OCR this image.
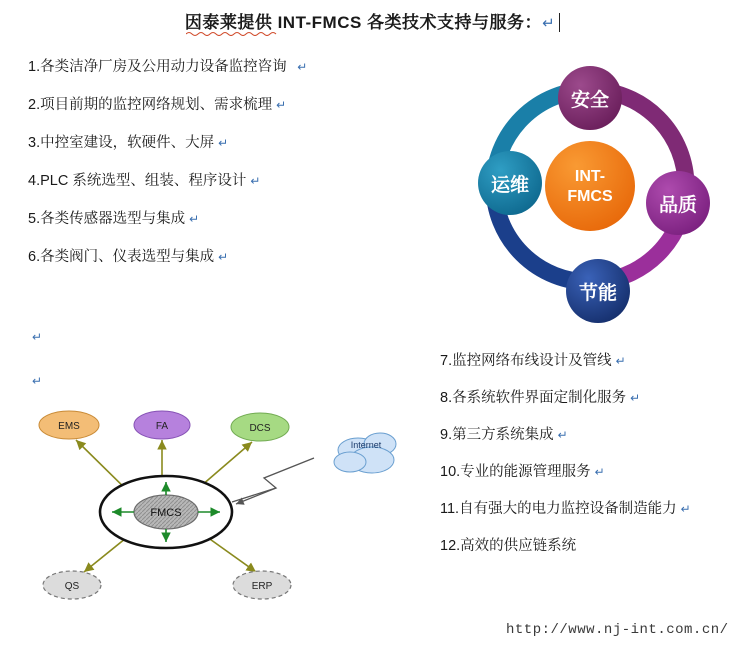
因泰莱提供 INT-FMCS 各类技术支持与服务：↵
1.各类洁净厂房及公用动力设备监控咨询  ↵
2.项目前期的监控网络规划、需求梳理 ↵
3.中控室建设，软硬件、大屏 ↵
4.PLC 系统选型、组装、程序设计 ↵
5.各类传感器选型与集成 ↵
6.各类阀门、仪表选型与集成 ↵
↵
↵
7.监控网络布线设计及管线 ↵
8.各系统软件界面定制化服务 ↵
9.第三方系统集成 ↵
10.专业的能源管理服务 ↵
11.自有强大的电力监控设备制造能力 ↵
12.高效的供应链系统
INT-
FMCS
安全
品质
节能
运维
FMCS
Internet
EMS	FA	DCS
QS	ERP
http://www.nj-int.com.cn/
